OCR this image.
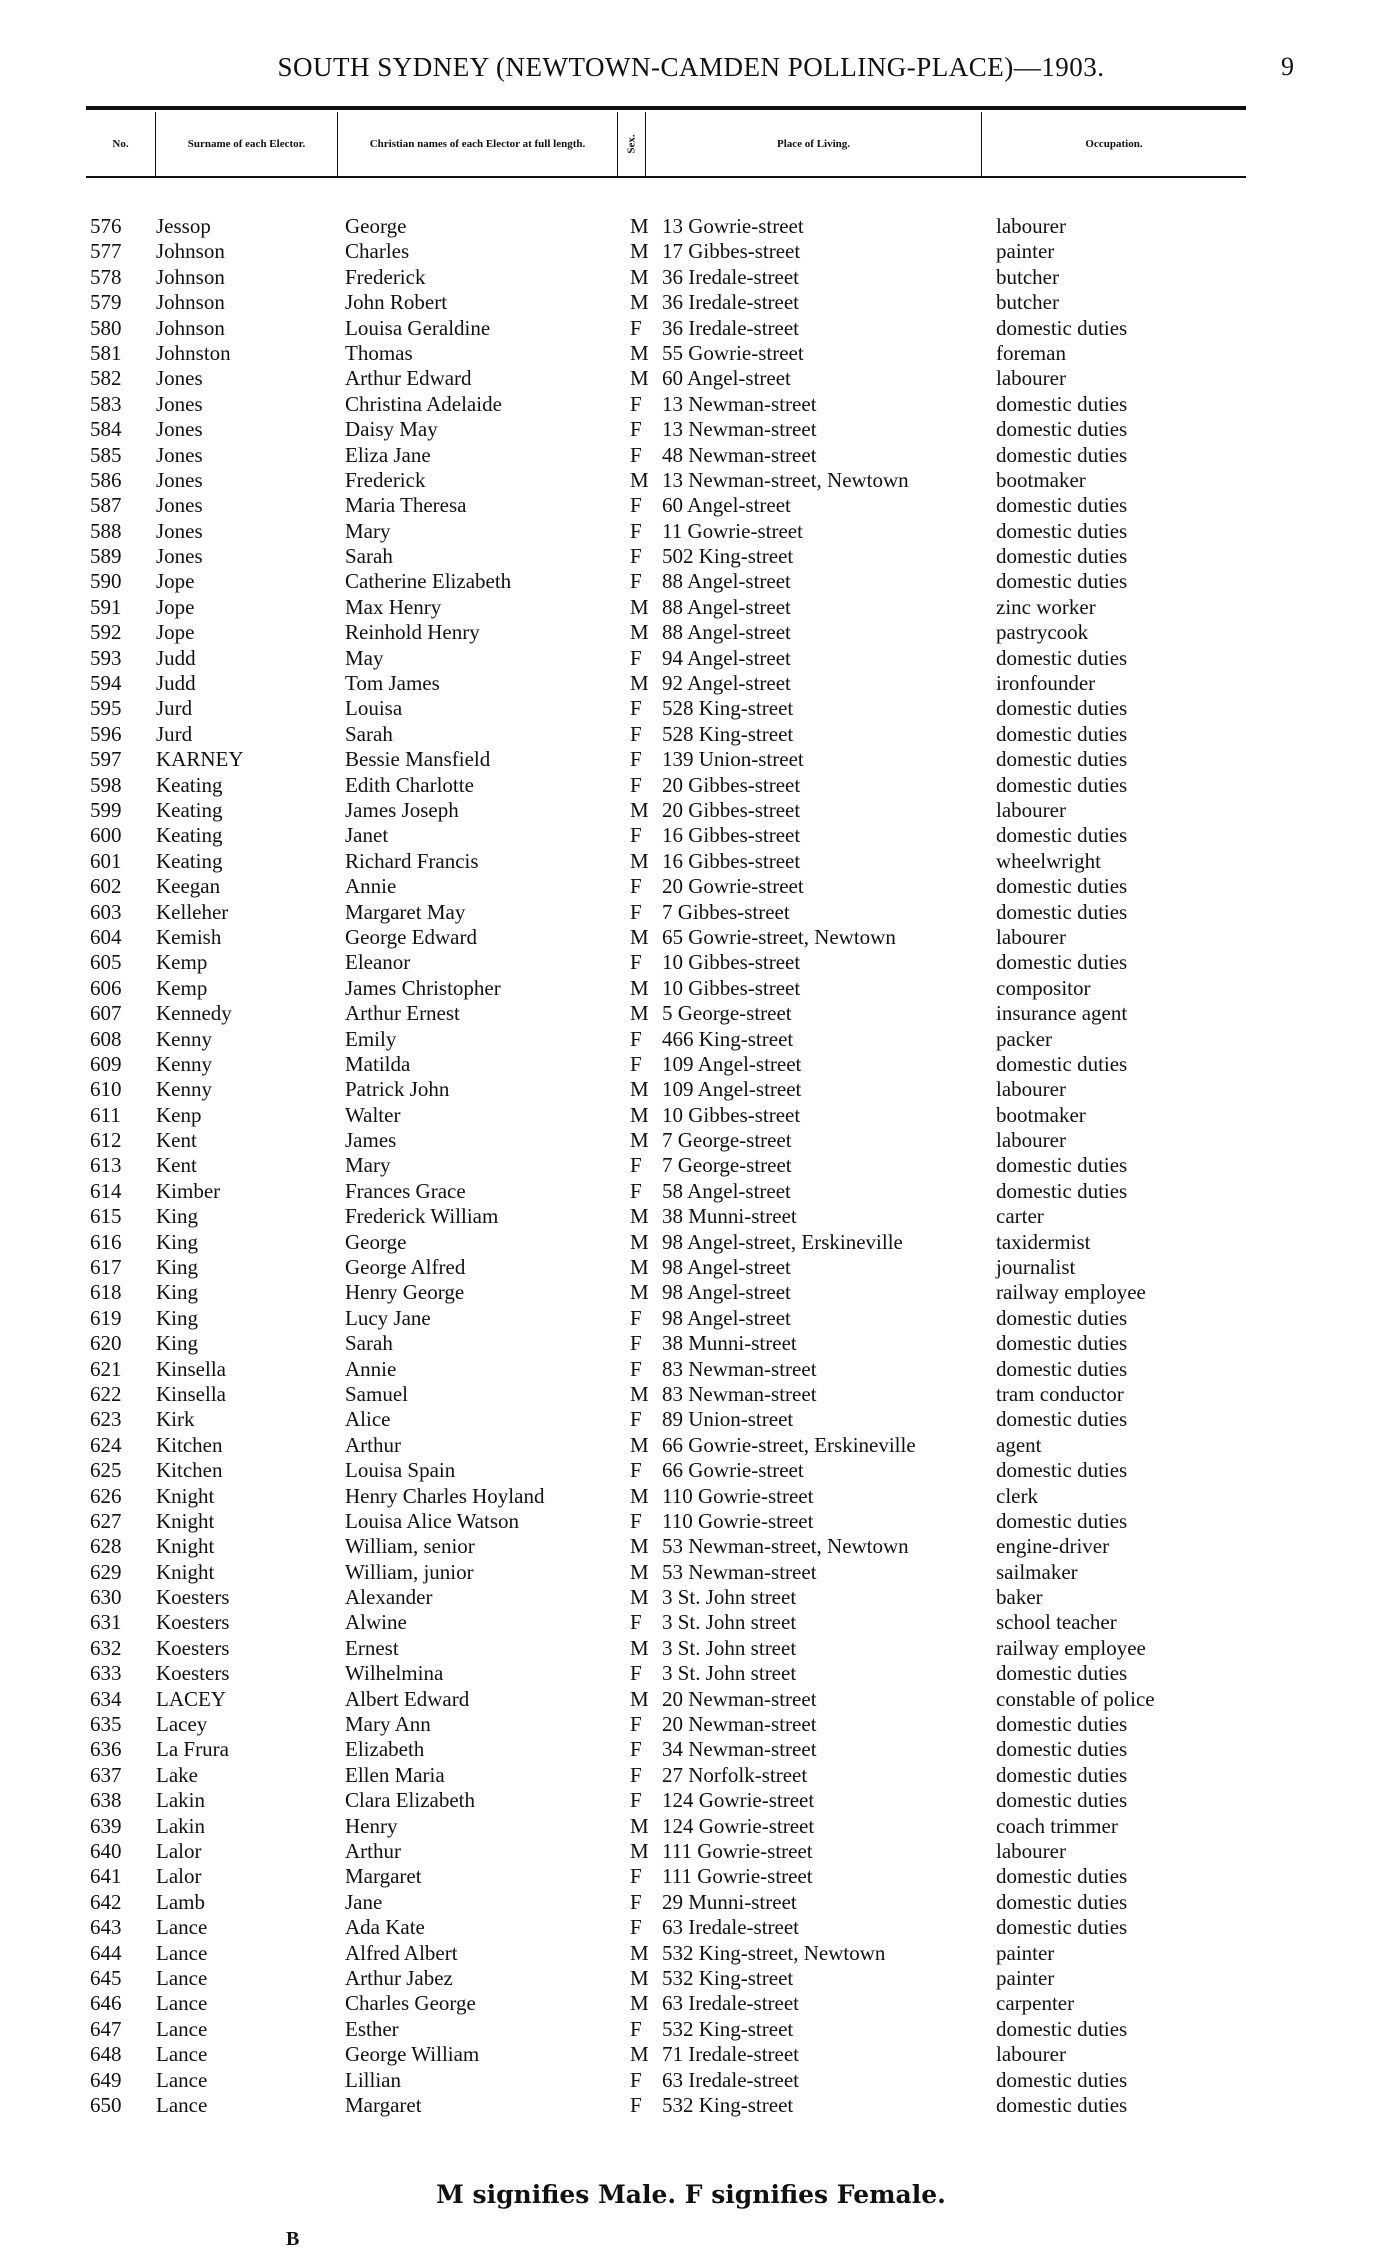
SOUTH SYDNEY (NEWTOWN-CAMDEN POLLING-PLACE)—1903.	9
No.	Surname of each Elector.	Christian names of each Elector at full length.	Sex.	Place of Living.	Occupation.
576	Jessop	George	M 13 Gowrie-street	labourer
577	Johnson	Charles	M 17 Gibbes-street	painter
578	Johnson	Frederick	M 36 Iredale-street	butcher
579	Johnson	John Robert	M 36 Iredale-street	butcher
580	Johnson	Louisa Geraldine	F 36 Iredale-street	domestic duties
581	Johnston	Thomas	M 55 Gowrie-street	foreman
582	Jones	Arthur Edward	M 60 Angel-street	labourer
583	Jones	Christina Adelaide	F 13 Newman-street	domestic duties
584	Jones	Daisy May	F 13 Newman-street	domestic duties
585	Jones	Eliza Jane	F 48 Newman-street	domestic duties
586	Jones	Frederick	M 13 Newman-street, Newtown	bootmaker
587	Jones	Maria Theresa	F 60 Angel-street	domestic duties
588	Jones	Mary	F 11 Gowrie-street	domestic duties
589	Jones	Sarah	F 502 King-street	domestic duties
590	Jope	Catherine Elizabeth	F 88 Angel-street	domestic duties
591	Jope	Max Henry	M 88 Angel-street	zinc worker
592	Jope	Reinhold Henry	M 88 Angel-street	pastrycook
593	Judd	May	F 94 Angel-street	domestic duties
594	Judd	Tom James	M 92 Angel-street	ironfounder
595	Jurd	Louisa	F 528 King-street	domestic duties
596	Jurd	Sarah	F 528 King-street	domestic duties
597	KARNEY	Bessie Mansfield	F 139 Union-street	domestic duties
598	Keating	Edith Charlotte	F 20 Gibbes-street	domestic duties
599	Keating	James Joseph	M 20 Gibbes-street	labourer
600	Keating	Janet	F 16 Gibbes-street	domestic duties
601	Keating	Richard Francis	M 16 Gibbes-street	wheelwright
602	Keegan	Annie	F 20 Gowrie-street	domestic duties
603	Kelleher	Margaret May	F 7 Gibbes-street	domestic duties
604	Kemish	George Edward	M 65 Gowrie-street, Newtown	labourer
605	Kemp	Eleanor	F 10 Gibbes-street	domestic duties
606	Kemp	James Christopher	M 10 Gibbes-street	compositor
607	Kennedy	Arthur Ernest	M 5 George-street	insurance agent
608	Kenny	Emily	F 466 King-street	packer
609	Kenny	Matilda	F 109 Angel-street	domestic duties
610	Kenny	Patrick John	M 109 Angel-street	labourer
611	Kenp	Walter	M 10 Gibbes-street	bootmaker
612	Kent	James	M 7 George-street	labourer
613	Kent	Mary	F 7 George-street	domestic duties
614	Kimber	Frances Grace	F 58 Angel-street	domestic duties
615	King	Frederick William	M 38 Munni-street	carter
616	King	George	M 98 Angel-street, Erskineville	taxidermist
617	King	George Alfred	M 98 Angel-street	journalist
618	King	Henry George	M 98 Angel-street	railway employee
619	King	Lucy Jane	F 98 Angel-street	domestic duties
620	King	Sarah	F 38 Munni-street	domestic duties
621	Kinsella	Annie	F 83 Newman-street	domestic duties
622	Kinsella	Samuel	M 83 Newman-street	tram conductor
623	Kirk	Alice	F 89 Union-street	domestic duties
624	Kitchen	Arthur	M 66 Gowrie-street, Erskineville	agent
625	Kitchen	Louisa Spain	F 66 Gowrie-street	domestic duties
626	Knight	Henry Charles Hoyland	M 110 Gowrie-street	clerk
627	Knight	Louisa Alice Watson	F 110 Gowrie-street	domestic duties
628	Knight	William, senior	M 53 Newman-street, Newtown	engine-driver
629	Knight	William, junior	M 53 Newman-street	sailmaker
630	Koesters	Alexander	M 3 St. John street	baker
631	Koesters	Alwine	F 3 St. John street	school teacher
632	Koesters	Ernest	M 3 St. John street	railway employee
633	Koesters	Wilhelmina	F 3 St. John street	domestic duties
634	LACEY	Albert Edward	M 20 Newman-street	constable of police
635	Lacey	Mary Ann	F 20 Newman-street	domestic duties
636	La Frura	Elizabeth	F 34 Newman-street	domestic duties
637	Lake	Ellen Maria	F 27 Norfolk-street	domestic duties
638	Lakin	Clara Elizabeth	F 124 Gowrie-street	domestic duties
639	Lakin	Henry	M 124 Gowrie-street	coach trimmer
640	Lalor	Arthur	M 111 Gowrie-street	labourer
641	Lalor	Margaret	F 111 Gowrie-street	domestic duties
642	Lamb	Jane	F 29 Munni-street	domestic duties
643	Lance	Ada Kate	F 63 Iredale-street	domestic duties
644	Lance	Alfred Albert	M 532 King-street, Newtown	painter
645	Lance	Arthur Jabez	M 532 King-street	painter
646	Lance	Charles George	M 63 Iredale-street	carpenter
647	Lance	Esther	F 532 King-street	domestic duties
648	Lance	George William	M 71 Iredale-street	labourer
649	Lance	Lillian	F 63 Iredale-street	domestic duties
650	Lance	Margaret	F 532 King-street	domestic duties
M signifies Male. F signifies Female.
B
